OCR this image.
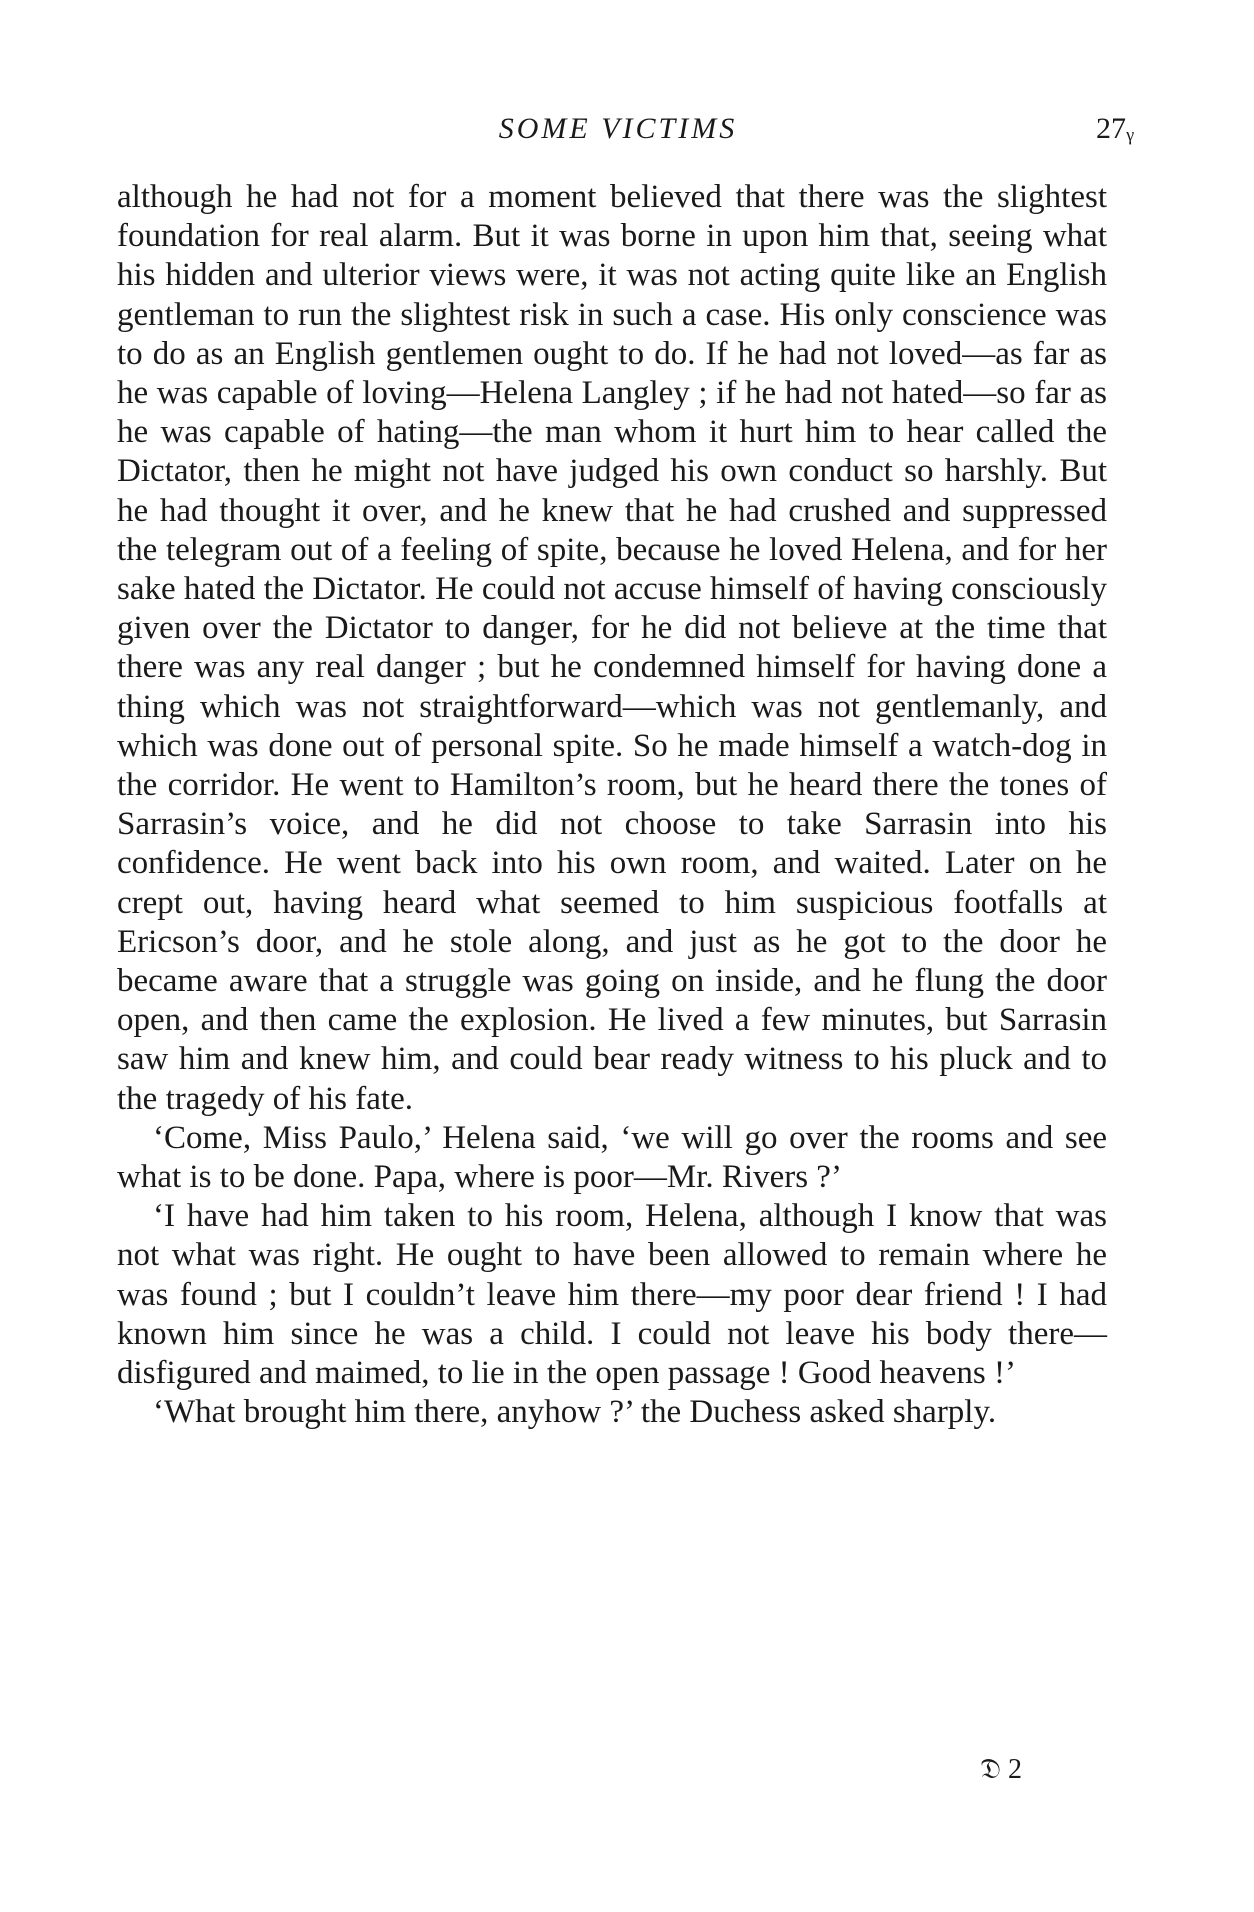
SOME VICTIMS	27ᵧ

although he had not for a moment believed that there was the slightest foundation for real alarm. But it was borne in upon him that, seeing what his hidden and ulterior views were, it was not acting quite like an English gentleman to run the slightest risk in such a case. His only conscience was to do as an English gentlemen ought to do. If he had not loved—as far as he was capable of loving—Helena Langley ; if he had not hated—so far as he was capable of hating—the man whom it hurt him to hear called the Dictator, then he might not have judged his own conduct so harshly. But he had thought it over, and he knew that he had crushed and suppressed the telegram out of a feeling of spite, because he loved Helena, and for her sake hated the Dictator. He could not accuse himself of having consciously given over the Dictator to danger, for he did not believe at the time that there was any real danger ; but he condemned himself for having done a thing which was not straightforward—which was not gentlemanly, and which was done out of personal spite. So he made himself a watch-dog in the corridor. He went to Hamilton’s room, but he heard there the tones of Sarrasin’s voice, and he did not choose to take Sarrasin into his confidence. He went back into his own room, and waited. Later on he crept out, having heard what seemed to him suspicious footfalls at Ericson’s door, and he stole along, and just as he got to the door he became aware that a struggle was going on inside, and he flung the door open, and then came the explosion. He lived a few minutes, but Sarrasin saw him and knew him, and could bear ready witness to his pluck and to the tragedy of his fate.

‘Come, Miss Paulo,’ Helena said, ‘we will go over the rooms and see what is to be done. Papa, where is poor—Mr. Rivers ?’

‘I have had him taken to his room, Helena, although I know that was not what was right. He ought to have been allowed to remain where he was found ; but I couldn’t leave him there—my poor dear friend ! I had known him since he was a child. I could not leave his body there—disfigured and maimed, to lie in the open passage ! Good heavens !’

‘What brought him there, anyhow ?’ the Duchess asked sharply.

𝔇 2
